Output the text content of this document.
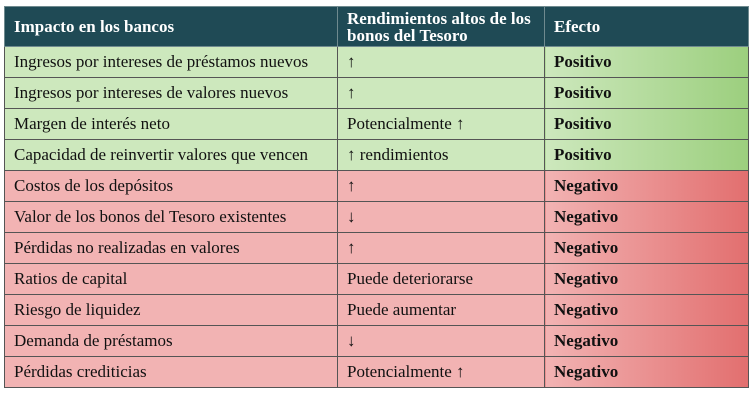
Impacto en los bancos	Rendimientos altos de los bonos del Tesoro	Efecto
Ingresos por intereses de préstamos nuevos	↑	Positivo
Ingresos por intereses de valores nuevos	↑	Positivo
Margen de interés neto	Potencialmente ↑	Positivo
Capacidad de reinvertir valores que vencen	↑ rendimientos	Positivo
Costos de los depósitos	↑	Negativo
Valor de los bonos del Tesoro existentes	↓	Negativo
Pérdidas no realizadas en valores	↑	Negativo
Ratios de capital	Puede deteriorarse	Negativo
Riesgo de liquidez	Puede aumentar	Negativo
Demanda de préstamos	↓	Negativo
Pérdidas crediticias	Potencialmente ↑	Negativo
